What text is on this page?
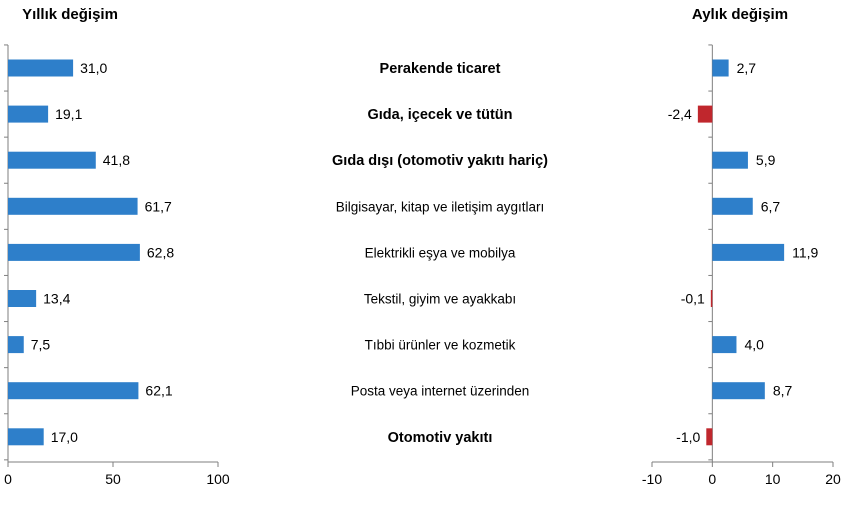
Yıllık değişim	Aylık değişim
0	50	100
31,0
19,1
41,8
61,7
62,8
13,4
7,5
62,1
17,0
Perakende ticaret
Gıda, içecek ve tütün
Gıda dışı (otomotiv yakıtı hariç)
Bilgisayar, kitap ve iletişim aygıtları
Elektrikli eşya ve mobilya
Tekstil, giyim ve ayakkabı
Tıbbi ürünler ve kozmetik
Posta veya internet üzerinden
Otomotiv yakıtı
-10	0	10	20
2,7
-2,4
5,9
6,7
11,9
-0,1
4,0
8,7
-1,0
